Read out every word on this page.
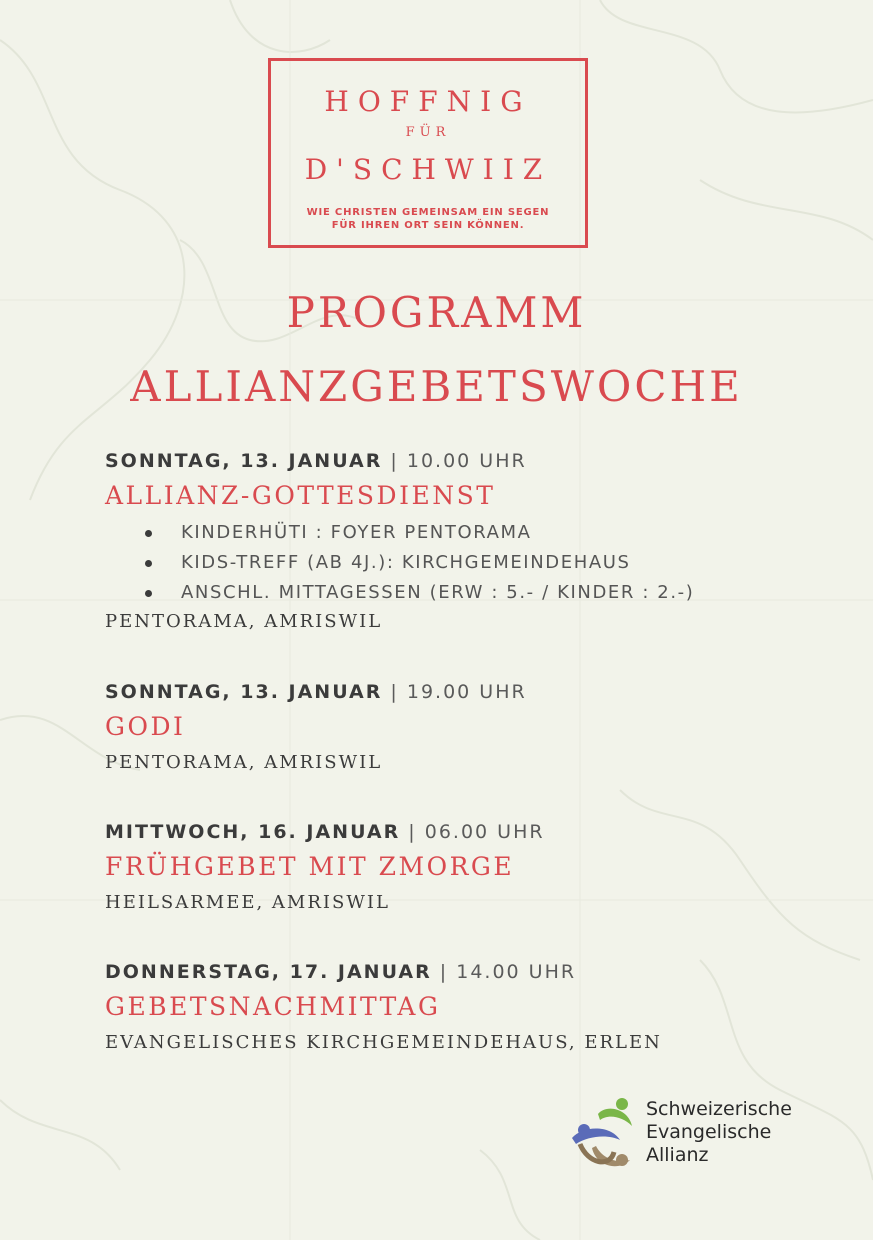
HOFFNIG
FÜR
D'SCHWIIZ
WIE CHRISTEN GEMEINSAM EIN SEGEN
FÜR IHREN ORT SEIN KÖNNEN.
PROGRAMM
ALLIANZGEBETSWOCHE
SONNTAG, 13. JANUAR | 10.00 UHR
ALLIANZ-GOTTESDIENST
KINDERHÜTI : FOYER PENTORAMA
KIDS-TREFF (AB 4J.): KIRCHGEMEINDEHAUS
ANSCHL. MITTAGESSEN (ERW : 5.- / KINDER : 2.-)
PENTORAMA, AMRISWIL
SONNTAG, 13. JANUAR | 19.00 UHR
GODI
PENTORAMA, AMRISWIL
MITTWOCH, 16. JANUAR | 06.00 UHR
FRÜHGEBET MIT ZMORGE
HEILSARMEE, AMRISWIL
DONNERSTAG, 17. JANUAR | 14.00 UHR
GEBETSNACHMITTAG
EVANGELISCHES KIRCHGEMEINDEHAUS, ERLEN
Schweizerische
Evangelische
Allianz
